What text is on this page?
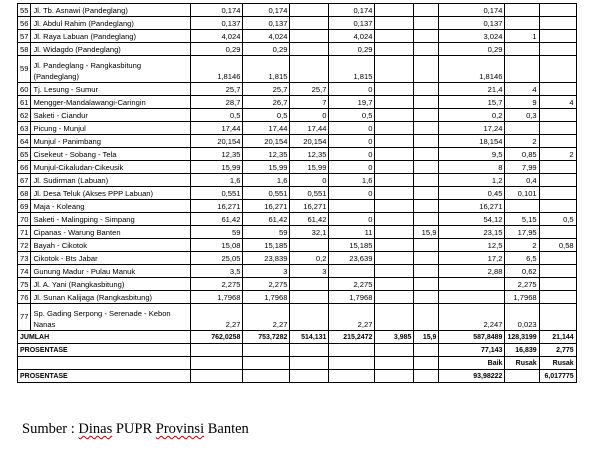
55	Jl. Tb. Asnawi (Pandeglang)	0,174	0,174		0,174			0,174		
56	Jl. Abdul Rahim (Pandeglang)	0,137	0,137		0,137			0,137		
57	Jl. Raya Labuan (Pandeglang)	4,024	4,024		4,024			3,024	1	
58	Jl. Widagdo (Pandeglang)	0,29	0,29		0,29			0,29		
59	Jl. Pandeglang - Rangkasbitung (Pandeglang)	1,8146	1,815		1,815			1,8146		
60	Tj. Lesung - Sumur	25,7	25,7	25,7	0			21,4	4	
61	Mengger-Mandalawangi-Caringin	28,7	26,7	7	19,7			15,7	9	4
62	Saketi - Ciandur	0,5	0,5	0	0,5			0,2	0,3	
63	Picung - Munjul	17,44	17,44	17,44	0			17,24		
64	Munjul - Panimbang	20,154	20,154	20,154	0			18,154	2	
65	Cisekeut - Sobang - Tela	12,35	12,35	12,35	0			9,5	0,85	2
66	Munjul-Cikaludan-Cikeusik	15,99	15,99	15,99	0			8	7,99	
67	Jl. Sudirman (Labuan)	1,6	1,6	0	1,6			1,2	0,4	
68	Jl. Desa Teluk (Akses PPP Labuan)	0,551	0,551	0,551	0			0,45	0,101	
69	Maja - Koleang	16,271	16,271	16,271				16,271		
70	Saketi - Malingping - Simpang	61,42	61,42	61,42	0			54,12	5,15	0,5
71	Cipanas - Warung Banten	59	59	32,1	11		15,9	23,15	17,95	
72	Bayah - Cikotok	15,08	15,185		15,185			12,5	2	0,58
73	Cikotok - Bts Jabar	25,05	23,839	0,2	23,639			17,2	6,5	
74	Gunung Madur - Pulau Manuk	3,5	3	3				2,88	0,62	
75	Jl. A. Yani (Rangkasbitung)	2,275	2,275		2,275				2,275	
76	Jl. Sunan Kalijaga (Rangkasbitung)	1,7968	1,7968		1,7968				1,7968	
77	Sp. Gading Serpong - Serenade - Kebon Nanas	2,27	2,27		2,27			2,247	0,023	
JUMLAH		762,0258	753,7282	514,131	215,2472	3,985	15,9	587,8489	128,3199	21,144
PROSENTASE								77,143	16,839	2,775
								Baik	Rusak	Rusak
PROSENTASE								93,98222		6,017775
Sumber : Dinas PUPR Provinsi Banten
